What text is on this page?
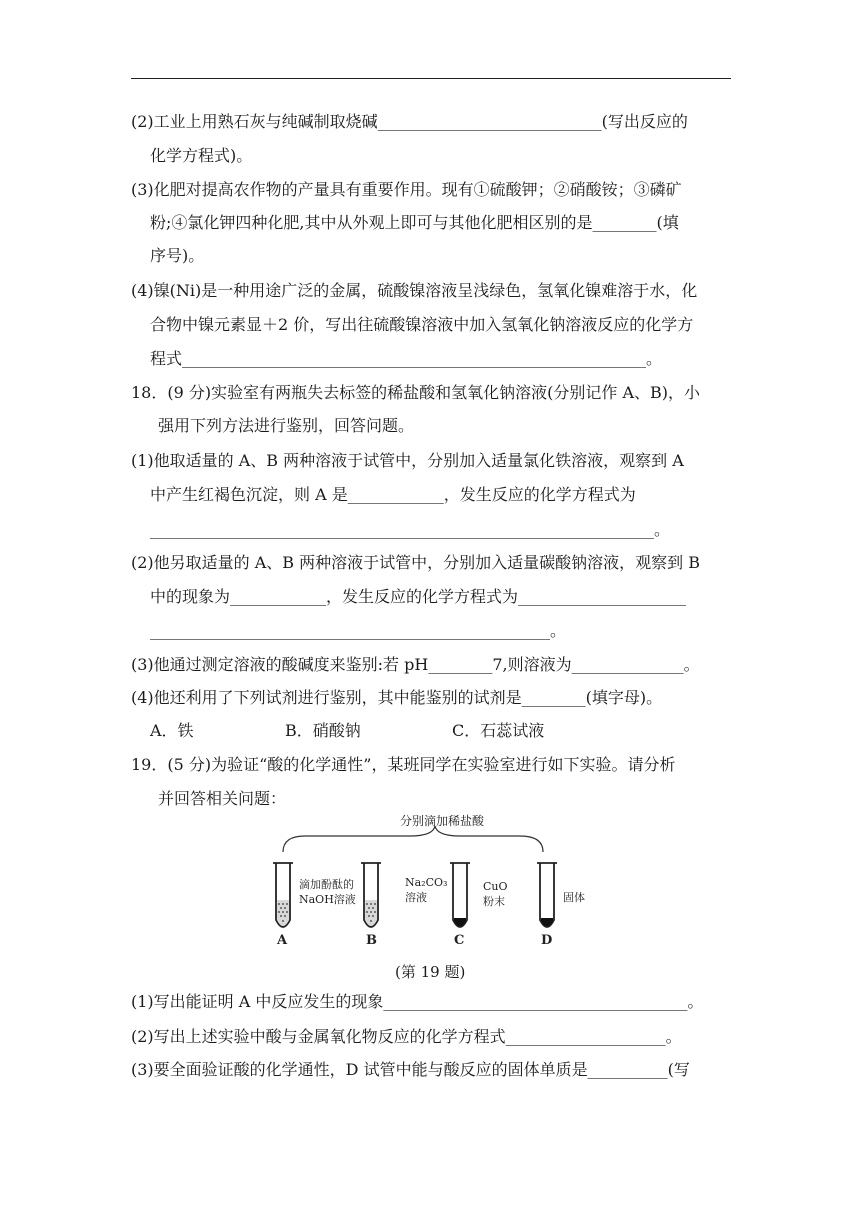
(2)工业上用熟石灰与纯碱制取烧碱____________________________(写出反应的
化学方程式)。
(3)化肥对提高农作物的产量具有重要作用。现有①硫酸钾；②硝酸铵；③磷矿
粉;④氯化钾四种化肥,其中从外观上即可与其他化肥相区别的是________(填
序号)。
(4)镍(Ni)是一种用途广泛的金属，硫酸镍溶液呈浅绿色，氢氧化镍难溶于水，化
合物中镍元素显＋2 价，写出往硫酸镍溶液中加入氢氧化钠溶液反应的化学方
程式__________________________________________________________。
18．(9 分)实验室有两瓶失去标签的稀盐酸和氢氧化钠溶液(分别记作 A、B)，小
强用下列方法进行鉴别，回答问题。
(1)他取适量的 A、B 两种溶液于试管中，分别加入适量氯化铁溶液，观察到 A
中产生红褐色沉淀，则 A 是____________，发生反应的化学方程式为
_______________________________________________________________。
(2)他另取适量的 A、B 两种溶液于试管中，分别加入适量碳酸钠溶液，观察到 B
中的现象为____________，发生反应的化学方程式为_____________________
__________________________________________________。
(3)他通过测定溶液的酸碱度来鉴别:若 pH________7,则溶液为______________。
(4)他还利用了下列试剂进行鉴别，其中能鉴别的试剂是________(填字母)。
A．铁	B．硝酸钠	C．石蕊试液
19．(5 分)为验证“酸的化学通性”，某班同学在实验室进行如下实验。请分析
并回答相关问题：
分别滴加稀盐酸
滴加酚酞的
NaOH溶液
A
Na₂CO₃
溶液
B
CuO
粉末
C
固体
D
(第 19 题)
(1)写出能证明 A 中反应发生的现象______________________________________。
(2)写出上述实验中酸与金属氧化物反应的化学方程式____________________。
(3)要全面验证酸的化学通性，D 试管中能与酸反应的固体单质是__________(写
